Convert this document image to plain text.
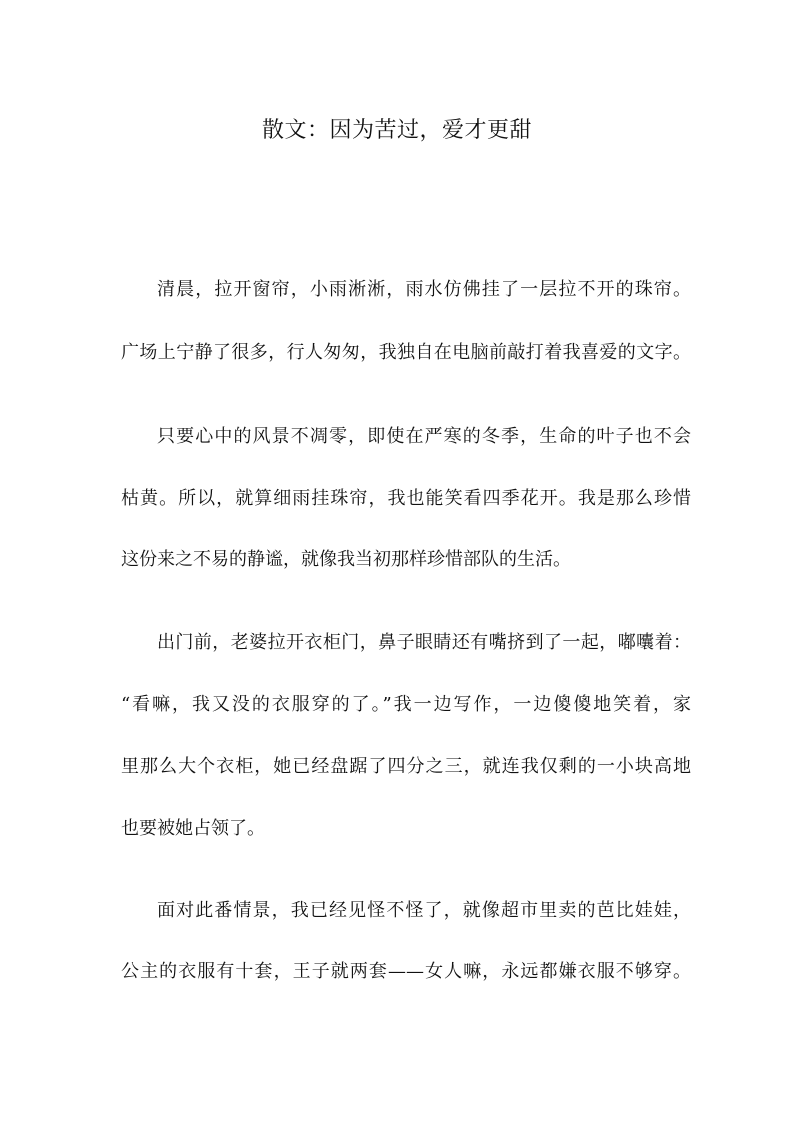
散文：因为苦过，爱才更甜
清晨，拉开窗帘，小雨淅淅，雨水仿佛挂了一层拉不开的珠帘。
广场上宁静了很多，行人匆匆，我独自在电脑前敲打着我喜爱的文字。
只要心中的风景不凋零，即使在严寒的冬季，生命的叶子也不会
枯黄。所以，就算细雨挂珠帘，我也能笑看四季花开。我是那么珍惜
这份来之不易的静谧，就像我当初那样珍惜部队的生活。
出门前，老婆拉开衣柜门，鼻子眼睛还有嘴挤到了一起，嘟囔着：
“看嘛，我又没的衣服穿的了。”我一边写作，一边傻傻地笑着，家
里那么大个衣柜，她已经盘踞了四分之三，就连我仅剩的一小块高地
也要被她占领了。
面对此番情景，我已经见怪不怪了，就像超市里卖的芭比娃娃，
公主的衣服有十套，王子就两套——女人嘛，永远都嫌衣服不够穿。
